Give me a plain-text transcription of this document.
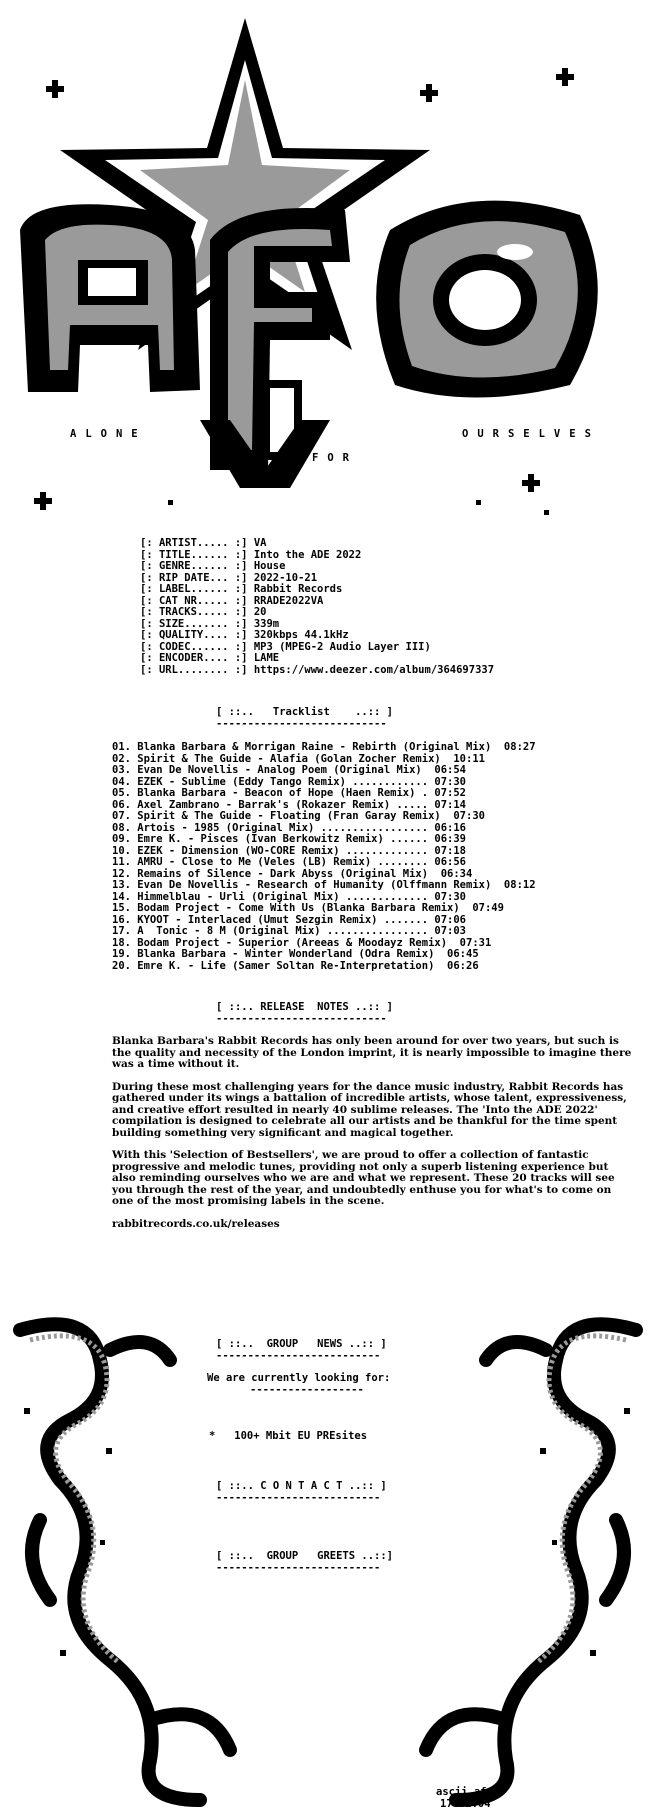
ALONE
FOR
OURSELVES
[: ARTIST..... :] VA
[: TITLE...... :] Into the ADE 2022
[: GENRE...... :] House
[: RIP DATE... :] 2022-10-21
[: LABEL...... :] Rabbit Records
[: CAT NR..... :] RRADE2022VA
[: TRACKS..... :] 20
[: SIZE....... :] 339m
[: QUALITY.... :] 320kbps 44.1kHz
[: CODEC...... :] MP3 (MPEG-2 Audio Layer III)
[: ENCODER.... :] LAME
[: URL........ :] https://www.deezer.com/album/364697337
[ ::..   Tracklist    ..:: ]
---------------------------
01. Blanka Barbara & Morrigan Raine - Rebirth (Original Mix)  08:27
02. Spirit & The Guide - Alafia (Golan Zocher Remix)  10:11
03. Evan De Novellis - Analog Poem (Original Mix)  06:54
04. EZEK - Sublime (Eddy Tango Remix) ............ 07:30
05. Blanka Barbara - Beacon of Hope (Haen Remix) . 07:52
06. Axel Zambrano - Barrak's (Rokazer Remix) ..... 07:14
07. Spirit & The Guide - Floating (Fran Garay Remix)  07:30
08. Artois - 1985 (Original Mix) ................. 06:16
09. Emre K. - Pisces (Ivan Berkowitz Remix) ...... 06:39
10. EZEK - Dimension (WO-CORE Remix) ............. 07:18
11. AMRU - Close to Me (Veles (LB) Remix) ........ 06:56
12. Remains of Silence - Dark Abyss (Original Mix)  06:34
13. Evan De Novellis - Research of Humanity (Olffmann Remix)  08:12
14. Himmelblau - Urli (Original Mix) ............. 07:30
15. Bodam Project - Come With Us (Blanka Barbara Remix)  07:49
16. KYOOT - Interlaced (Umut Sezgin Remix) ....... 07:06
17. A  Tonic - 8 M (Original Mix) ................ 07:03
18. Bodam Project - Superior (Areeas & Moodayz Remix)  07:31
19. Blanka Barbara - Winter Wonderland (Odra Remix)  06:45
20. Emre K. - Life (Samer Soltan Re-Interpretation)  06:26
[ ::.. RELEASE  NOTES ..:: ]
---------------------------

Blanka Barbara's Rabbit Records has only been around for over two years, but such is the quality and necessity of the London imprint, it is nearly impossible to imagine there was a time without it.

During these most challenging years for the dance music industry, Rabbit Records has gathered under its wings a battalion of incredible artists, whose talent, expressiveness, and creative effort resulted in nearly 40 sublime releases. The 'Into the ADE 2022' compilation is designed to celebrate all our artists and be thankful for the time spent building something very significant and magical together.

With this 'Selection of Bestsellers', we are proud to offer a collection of fantastic progressive and melodic tunes, providing not only a superb listening experience but also reminding ourselves who we are and what we represent. These 20 tracks will see you through the rest of the year, and undoubtedly enthuse you for what's to come on one of the most promising labels in the scene.

rabbitrecords.co.uk/releases

[ ::..  GROUP   NEWS ..:: ]
--------------------------
We are currently looking for:
------------------
*   100+ Mbit EU PREsites
[ ::.. C O N T A C T ..:: ]
--------------------------
[ ::..  GROUP   GREETS ..::]
--------------------------
ascii.afo
17.02.04
